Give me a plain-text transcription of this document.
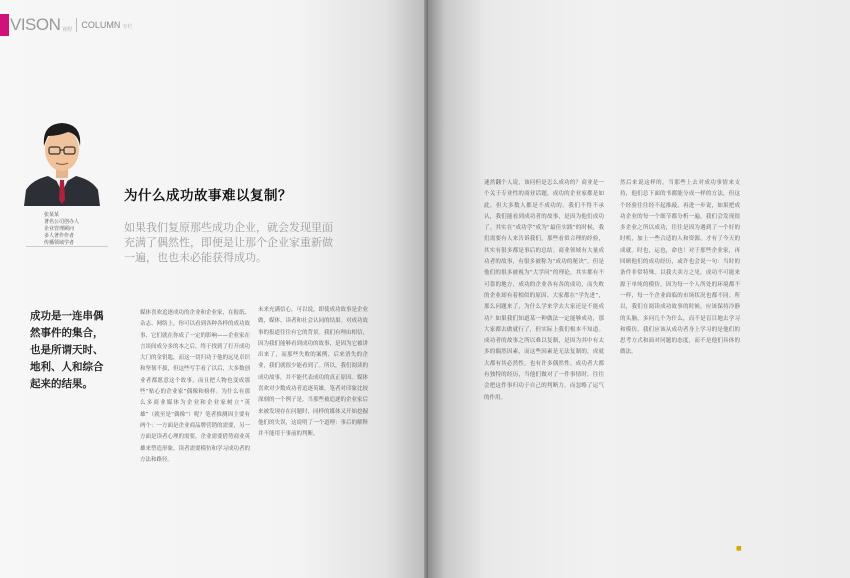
VISON 视野 COLUMN 专栏
张某某
著名公司创办人
企业管理顾问
多人著作作者
传播领域学者
成功是一连串偶然事件的集合，也是所谓天时、地利、人和综合起来的结果。
为什么成功故事难以复制？
如果我们复原那些成功企业，就会发现里面充满了偶然性，即便是让那个企业家重新做一遍，也也未必能获得成功。
媒体喜欢追逐成功的企业和企业家，在报纸、杂志、网络上，你可以看到各种各样的成功故事，它们就在你成了一定的影响——企业家在言谈间成分多的本之后，终于找到了打开成功大门的金钥匙，而这一切归功于他的远见卓识和坚韧不拔，但这些写手看了以后，大多数创业者都愿意这个故事，而且把人物也变成那些“贴心的企业家”偶像和榜样。为什么有那么多商业媒体为企业和企业家树立“英雄”（就至是“偶像”）呢？笔者推测因主要有两个：一方面是企业商品牌营销的需要，另一方面是读者心理的需要。企业需要借势商业英雄来塑造形象，读者需要模仿和学习成功者的方法和路径。
未来充满信心，可以说，即使成功故事是企业做，媒体、读者和社会认同的结果。对成功故事的报道往往有它的背景。我们有理由相信，因为我们能够看到成功的故事，是因为它被讲出来了，而那些失败的案例、后来消失的企业，我们就很少能看到了。所以，我们阅读的成功故事，并不能代表成功的真正原因。媒体喜欢对少数成功者追逐英雄，笔者对印象比较深刻的一个例子是，当那些被追逐的企业家后来被发现存在问题时，同样的媒体又开始挖掘他们的失误，这说明了一个道理：事后的解释并不能用于事前的判断。
速然翻个人说，该问但是怎么成功的？商业是一个关于专业性的商业话题，成功的企业家都是如此，但大多数人都是不成功的。我们不得不承认，我们能看到成功者的故事，是因为他们成功了。其实在“成功学”成为“最佳实践”的时候，我们需要有人来告诉我们，那些看似合理的经验，其实有很多都是事后的总结。商业领域有大量成功者的故事，有很多被称为“成功的秘诀”，但是他们的很多被视为“大学问”的理论，其实都有不可靠的地方，成功的企业各有各的成功，而失败的企业却有着相似的原因。大家都在“学先进”，那么问题来了，为什么学来学去大家还是不能成功？如果我们知道某一种做法一定能够成功，那大家都去做就行了，但实际上我们根本不知道。成功者的故事之所以难以复制，是因为其中有太多的偶然因素，而这些因素是无法复制的，成就大都有其必然性，也有许多偶然性。成功者大都有独特的经历，当他们做对了一件事情时，往往会把这件事归功于自己的判断力，而忽略了运气的作用。
然后来说这样的，当那些上去对成功事情来支持，他们总下面的书都能分成一样的方法，但这个经验往往经不起推敲。再进一步说，如果把成功企业的每一个细节都分析一遍，我们会发现很多企业之所以成功，往往是因为遇到了一个好的时机，加上一些合适的人和资源，才有了今天的成就。时也，运也，命也！对于那些企业家，再回顾他们的成功经历，或许也会说一句：当时的条件非常特殊。以我大卖方之见，成功不可能来源于单纯的模仿，因为每一个人所处的环境都不一样，每一个企业面临的市场状况也都不同。所以，我们在阅读成功故事的时候，应该保持冷静的头脑，多问几个为什么，而不是盲目地去学习和模仿。我们应该从成功者身上学习的是他们的思考方式和面对问题的态度，而不是他们具体的做法。
■
